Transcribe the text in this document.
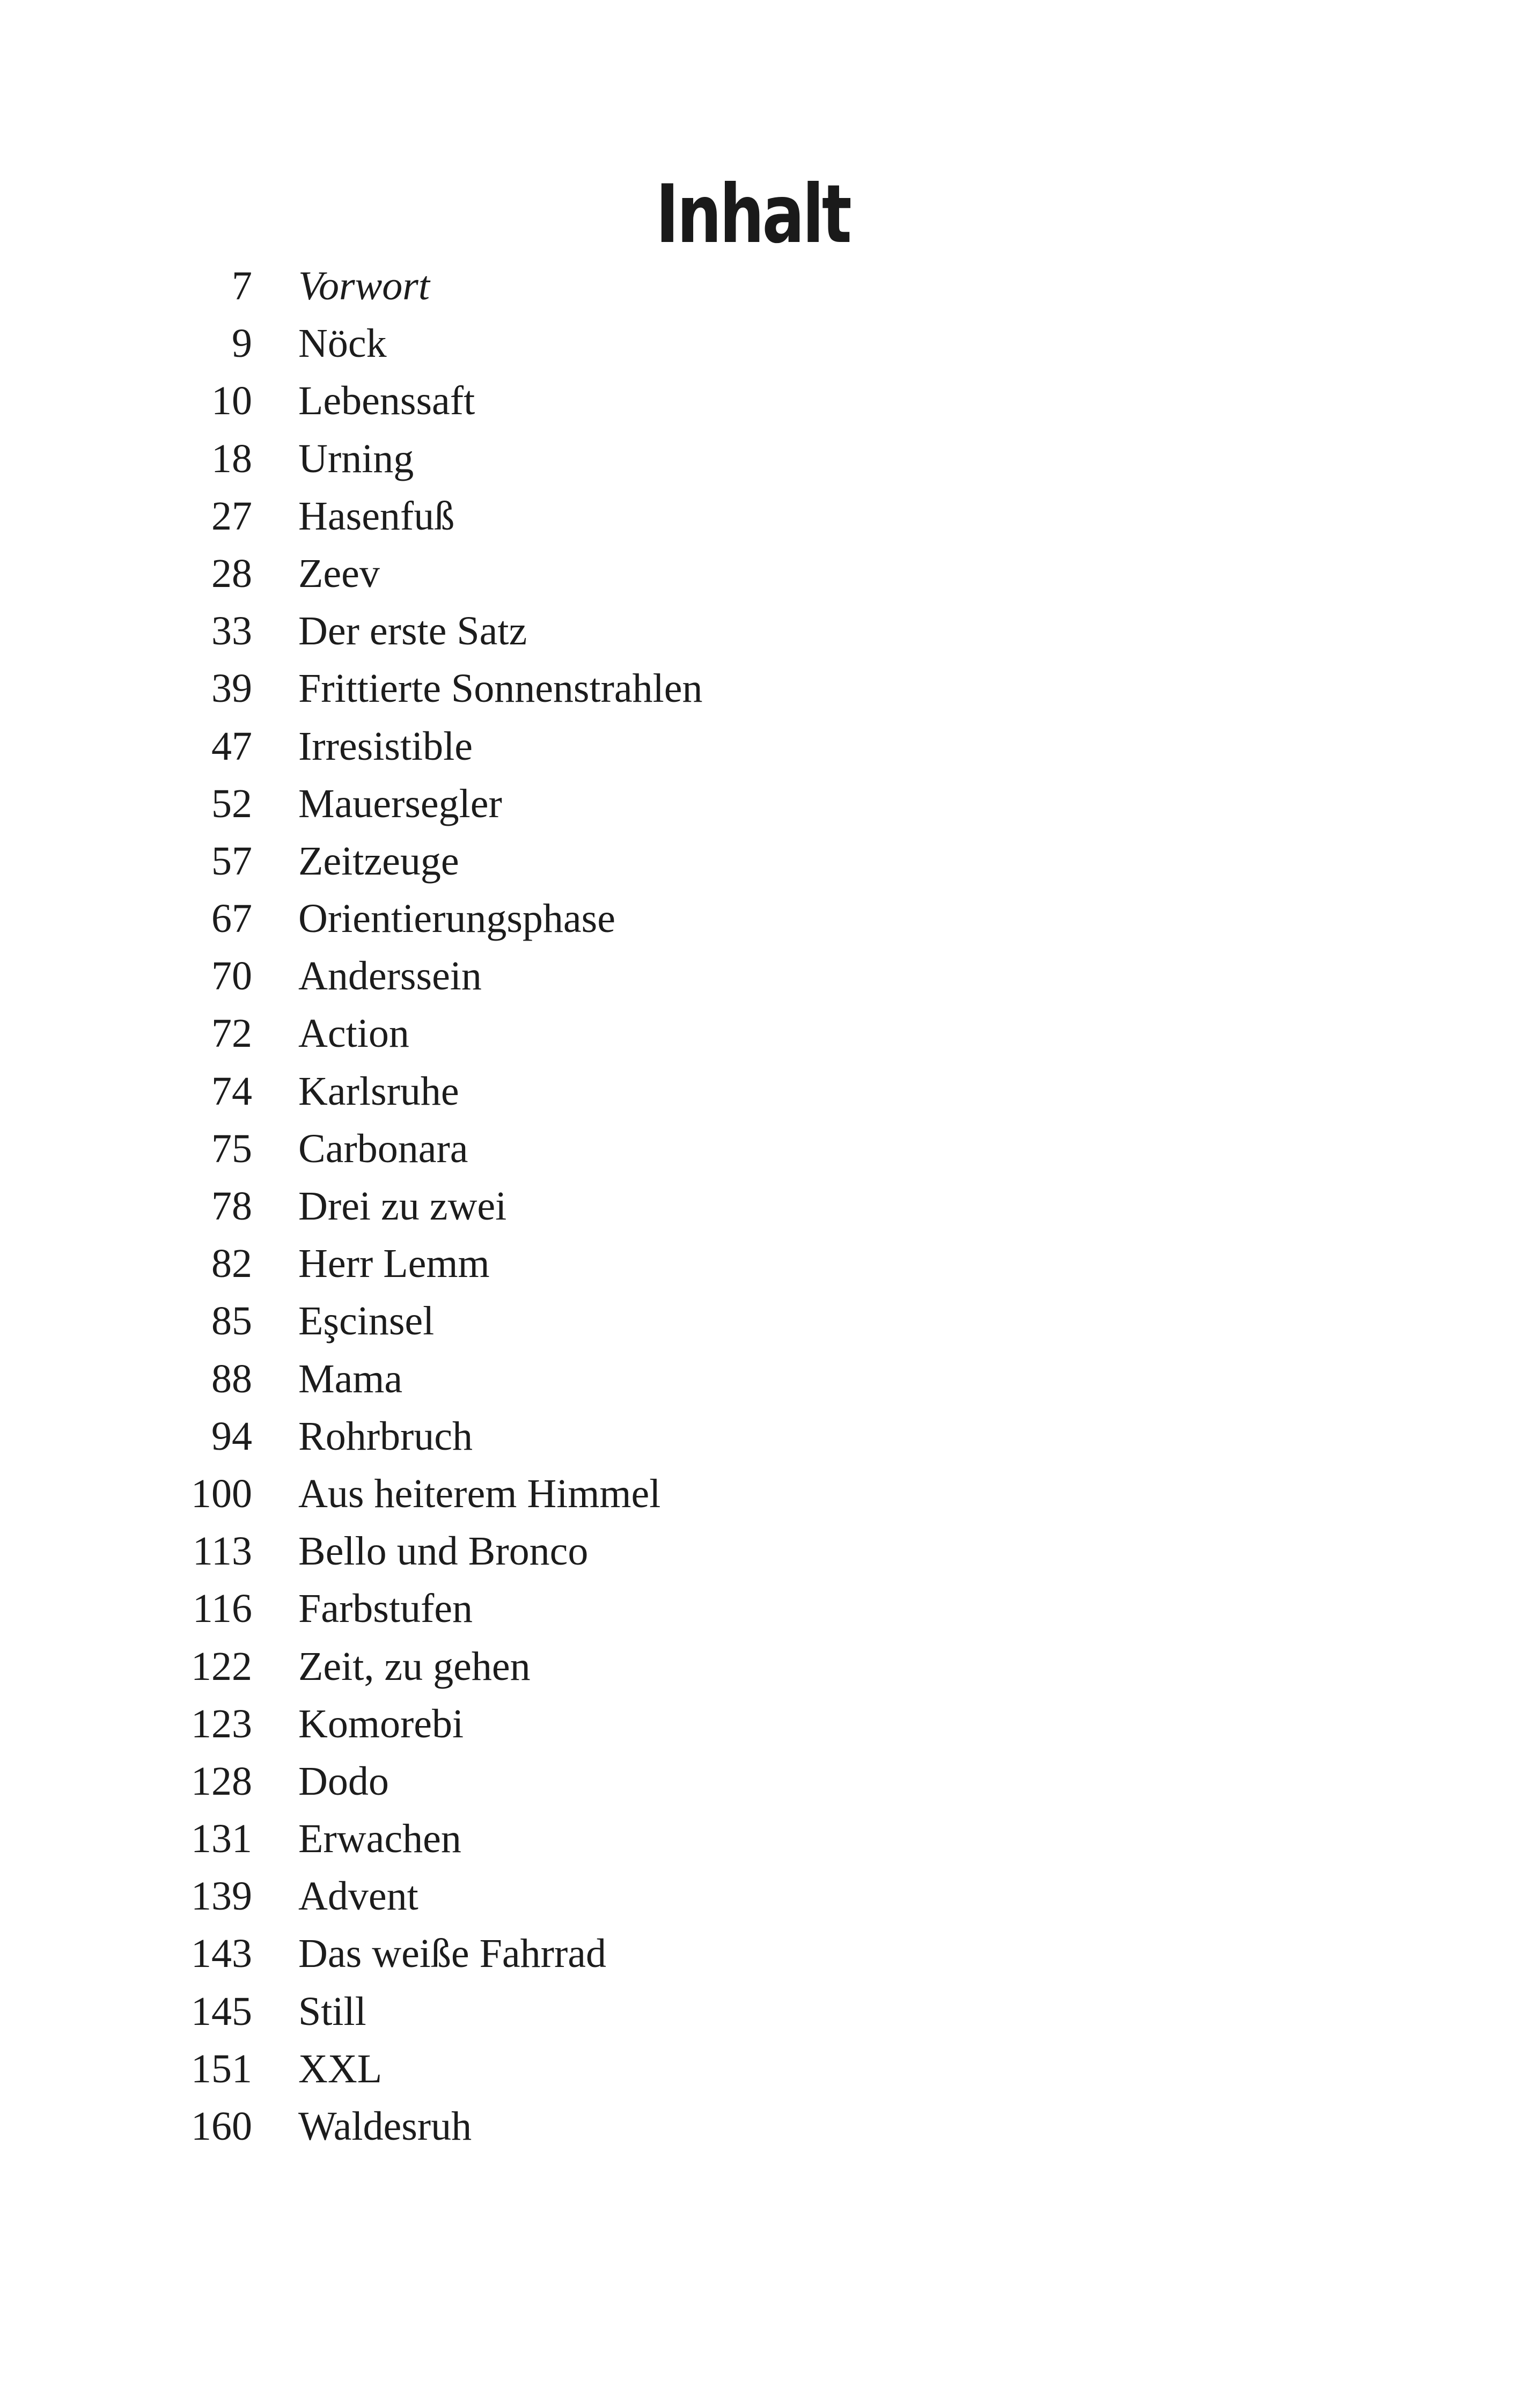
Inhalt
7 Vorwort
9 Nöck
10 Lebenssaft
18 Urning
27 Hasenfuß
28 Zeev
33 Der erste Satz
39 Frittierte Sonnenstrahlen
47 Irresistible
52 Mauersegler
57 Zeitzeuge
67 Orientierungsphase
70 Anderssein
72 Action
74 Karlsruhe
75 Carbonara
78 Drei zu zwei
82 Herr Lemm
85 Eşcinsel
88 Mama
94 Rohrbruch
100 Aus heiterem Himmel
113 Bello und Bronco
116 Farbstufen
122 Zeit, zu gehen
123 Komorebi
128 Dodo
131 Erwachen
139 Advent
143 Das weiße Fahrrad
145 Still
151 XXL
160 Waldesruh
